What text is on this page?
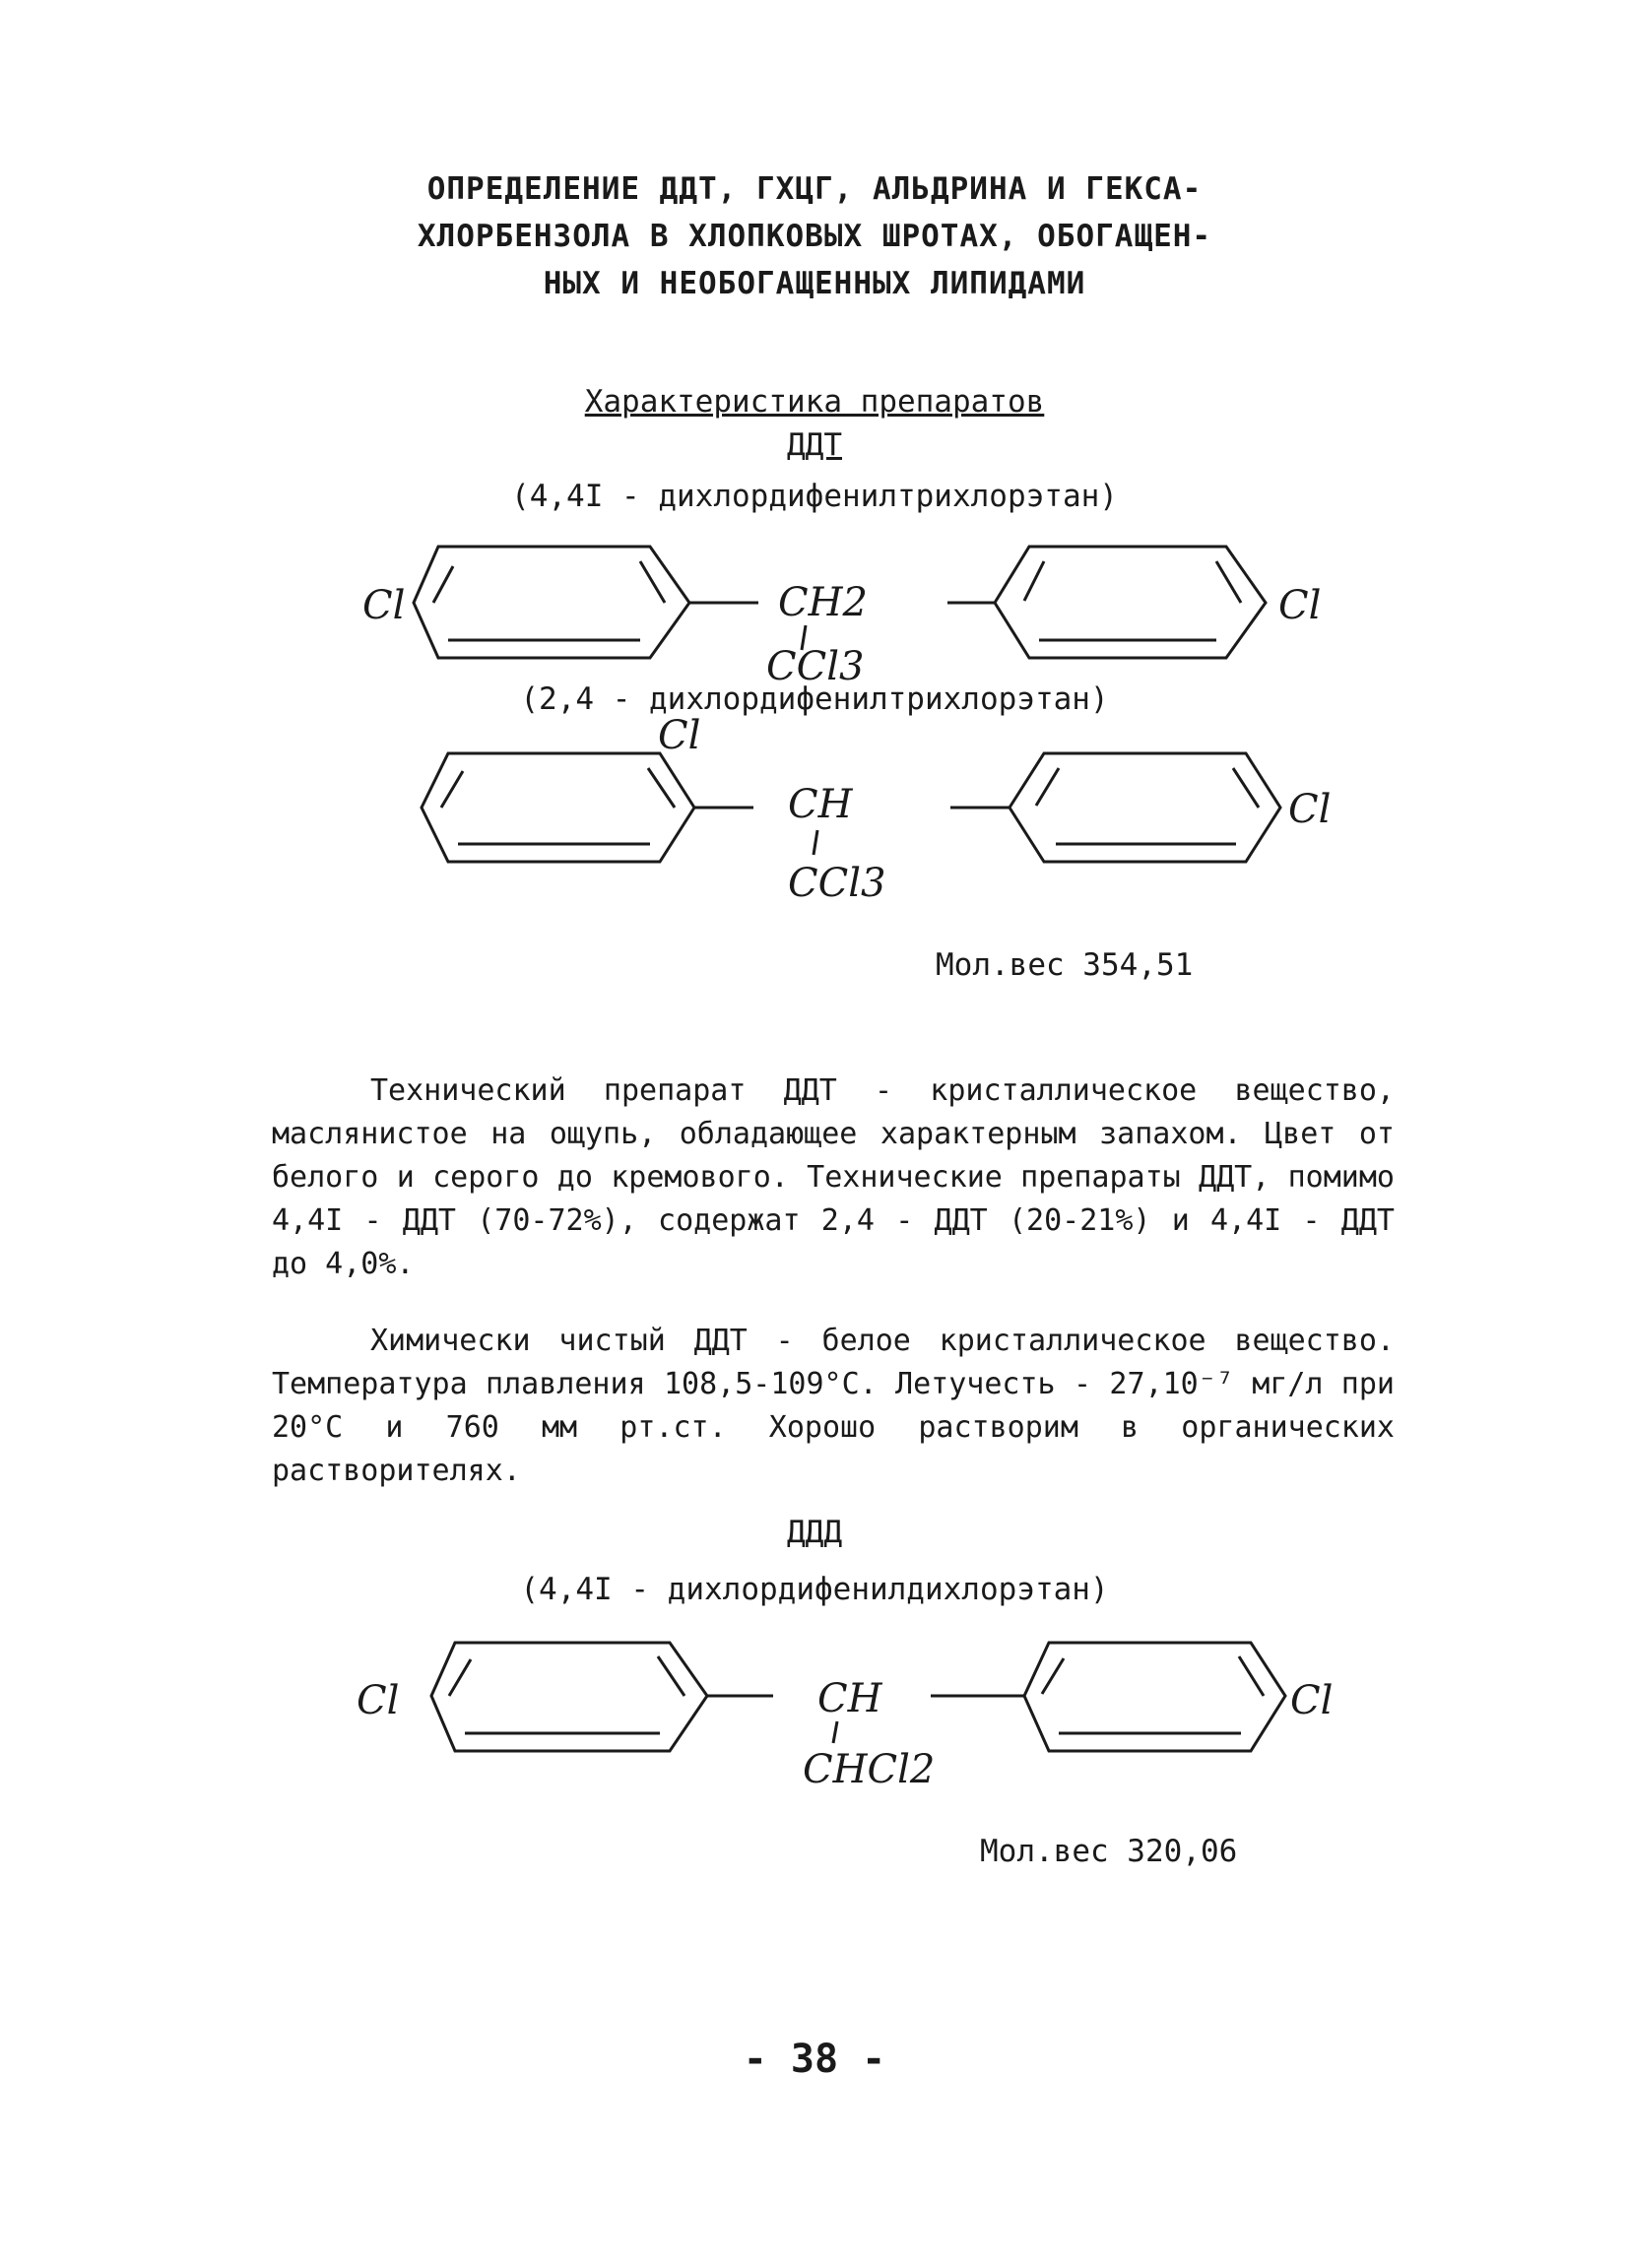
ОПРЕДЕЛЕНИЕ ДДТ, ГХЦГ, АЛЬДРИНА И ГЕКСА-
ХЛОРБЕНЗОЛА В ХЛОПКОВЫХ ШРОТАХ, ОБОГАЩЕН-
НЫХ И НЕОБОГАЩЕННЫХ ЛИПИДАМИ
Характеристика препаратов
ДДТ
(4,4I - дихлордифенилтрихлорэтан)
Cl	Cl
CH2
CCl3
Cl
Cl
CH
CCl3
Cl	Cl
CH
CHCl2
(2,4 - дихлордифенилтрихлорэтан)
Мол.вес 354,51
Технический препарат ДДТ - кристаллическое вещество, маслянистое на ощупь, обладающее характерным запахом. Цвет от белого и серого до кремового. Технические препараты ДДТ, помимо 4,4I - ДДТ (70-72%), содержат 2,4 - ДДТ (20-21%) и 4,4I - ДДТ до 4,0%.
Химически чистый ДДТ - белое кристаллическое вещество. Температура плавления 108,5-109°С. Летучесть - 27,10⁻⁷ мг/л при 20°С и 760 мм рт.ст. Хорошо растворим в органических растворителях.
ДДД
(4,4I - дихлордифенилдихлорэтан)
Мол.вес 320,06
- 38 -
